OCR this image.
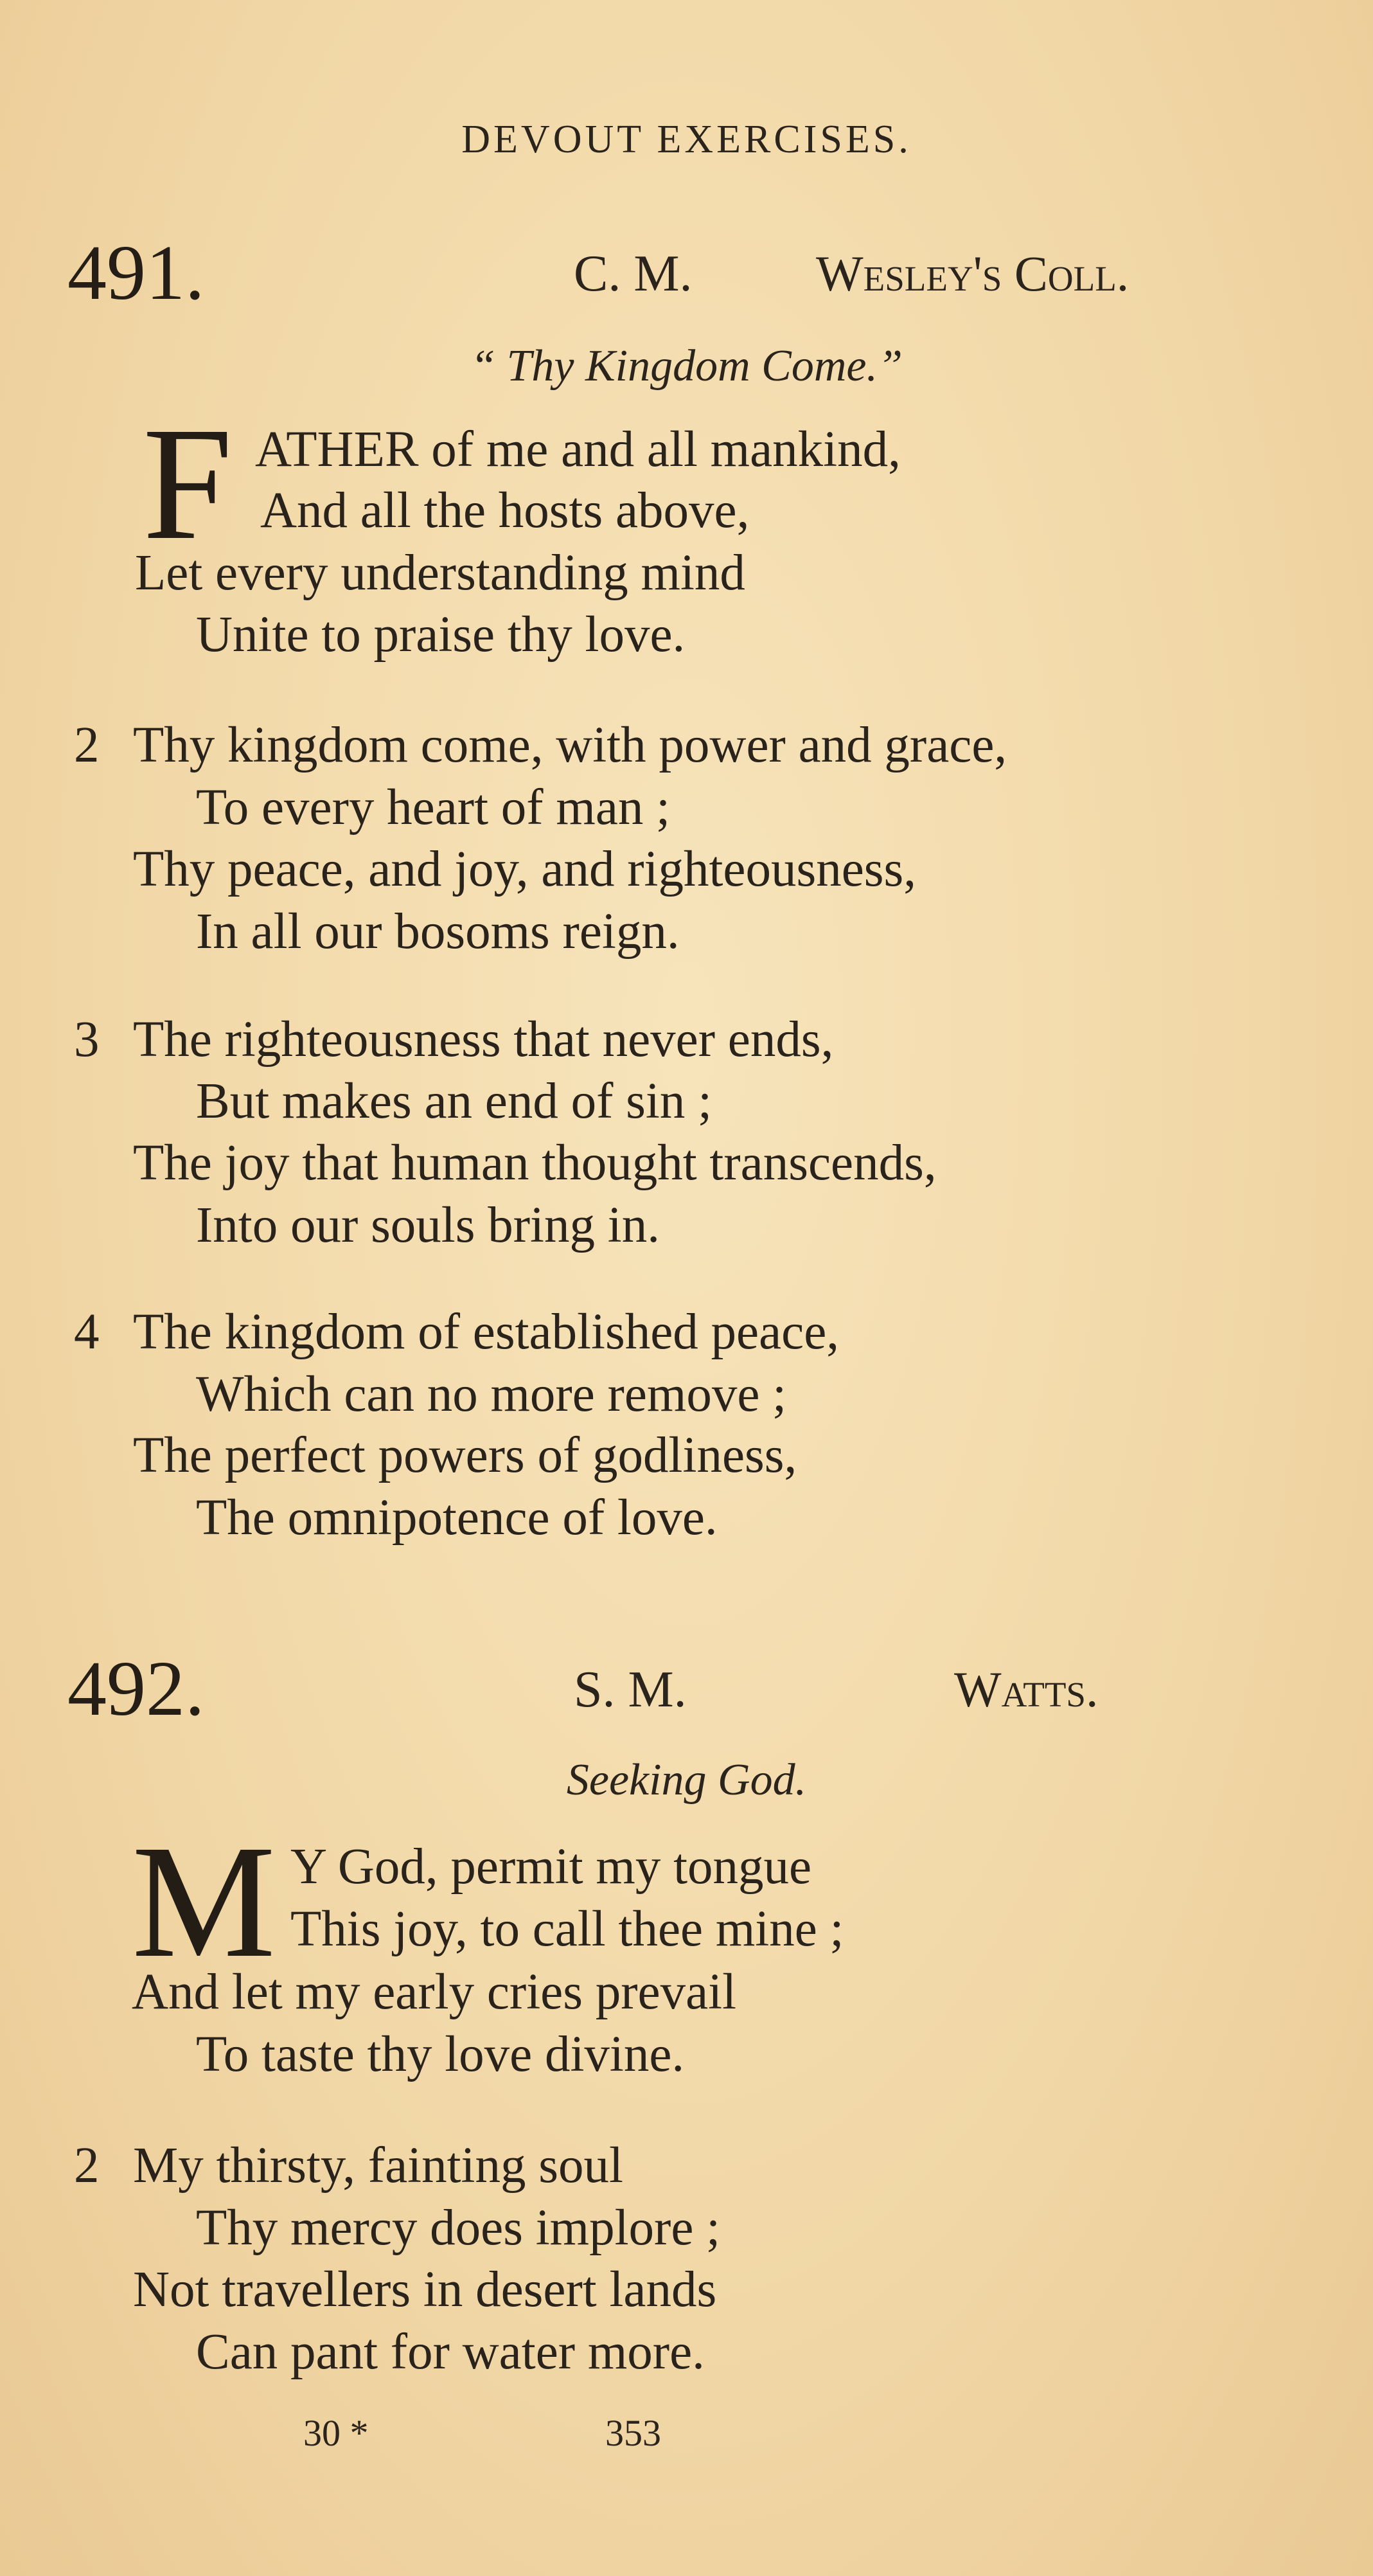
DEVOUT EXERCISES.
491.	C. M. Wesley's Coll.
“ Thy Kingdom Come.”
F ATHER of me and all mankind,
And all the hosts above,
Let every understanding mind
Unite to praise thy love.
2 Thy kingdom come, with power and grace,
To every heart of man ;
Thy peace, and joy, and righteousness,
In all our bosoms reign.
3 The righteousness that never ends,
But makes an end of sin ;
The joy that human thought transcends,
Into our souls bring in.
4 The kingdom of established peace,
Which can no more remove ;
The perfect powers of godliness,
The omnipotence of love.
492.	S. M.	Watts.
Seeking God.
M Y God, permit my tongue
This joy, to call thee mine ;
And let my early cries prevail
To taste thy love divine.
2 My thirsty, fainting soul
Thy mercy does implore ;
Not travellers in desert lands
Can pant for water more.
30 *	353
